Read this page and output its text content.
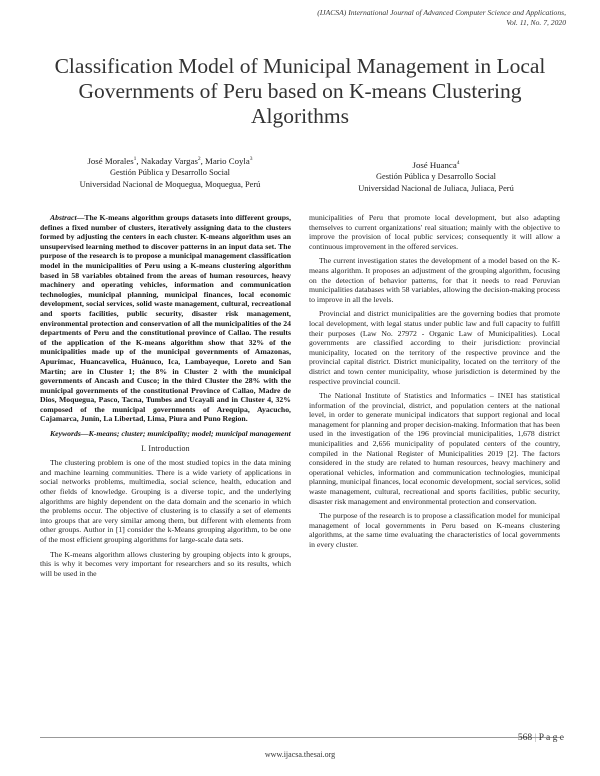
(IJACSA) International Journal of Advanced Computer Science and Applications,
Vol. 11, No. 7, 2020
Classification Model of Municipal Management in Local Governments of Peru based on K-means Clustering Algorithms
José Morales$^1$, Nakaday Vargas$^2$, Mario Coyla$^3$
Gestión Pública y Desarrollo Social
Universidad Nacional de Moquegua, Moquegua, Perú
José Huanca$^4$
Gestión Pública y Desarrollo Social
Universidad Nacional de Juliaca, Juliaca, Perú

Abstract—The K-means algorithm groups datasets into different groups, defines a fixed number of clusters, iteratively assigning data to the clusters formed by adjusting the centers in each cluster. K-means algorithm uses an unsupervised learning method to discover patterns in an input data set. The purpose of the research is to propose a municipal management classification model in the municipalities of Peru using a K-means clustering algorithm based in 58 variables obtained from the areas of human resources, heavy machinery and operating vehicles, information and communication technologies, municipal planning, municipal finances, local economic development, social services, solid waste management, cultural, recreational and sports facilities, public security, disaster risk management, environmental protection and conservation of all the municipalities of the 24 departments of Peru and the constitutional province of Callao. The results of the application of the K-means algorithm show that 32% of the municipalities made up of the municipal governments of Amazonas, Apurímac, Huancavelica, Huánuco, Ica, Lambayeque, Loreto and San Martín; are in Cluster 1; the 8% in Cluster 2 with the municipal governments of Ancash and Cusco; in the third Cluster the 28% with the municipal governments of the constitutional Province of Callao, Madre de Dios, Moquegua, Pasco, Tacna, Tumbes and Ucayali and in Cluster 4, 32% composed of the municipal governments of Arequipa, Ayacucho, Cajamarca, Junín, La Libertad, Lima, Piura and Puno Region.

Keywords—K-means; cluster; municipality; model; municipal management

I. Introduction

The clustering problem is one of the most studied topics in the data mining and machine learning communities. There is a wide variety of applications in social networks problems, multimedia, social science, health, education and other fields of knowledge. Grouping is a diverse topic, and the underlying algorithms are highly dependent on the data domain and the scenario in which the problems occur. The objective of clustering is to classify a set of elements into groups that are very similar among them, but different with elements from other groups. Author in [1] consider the k-Means grouping algorithm, to be one of the most efficient grouping algorithms for large-scale data sets.

The K-means algorithm allows clustering by grouping objects into k groups, this is why it becomes very important for researchers and so its results, which will be used in the

municipalities of Peru that promote local development, but also adapting themselves to current organizations' real situation; mainly with the objective to improve the provision of local public services; consequently it will allow a continuous improvement in the offered services.

The current investigation states the development of a model based on the K-means algorithm. It proposes an adjustment of the grouping algorithm, focusing on the detection of behavior patterns, for that it needs to read Peruvian municipalities databases with 58 variables, allowing the decision-making process to improve in all the levels.

Provincial and district municipalities are the governing bodies that promote local development, with legal status under public law and full capacity to fulfill their purposes (Law No. 27972 - Organic Law of Municipalities). Local governments are classified according to their jurisdiction: provincial municipality, located on the territory of the respective province and the provincial capital district. District municipality, located on the territory of the district and town center municipality, whose jurisdiction is determined by the respective provincial council.

The National Institute of Statistics and Informatics – INEI has statistical information of the provincial, district, and population centers at the national level, in order to generate municipal indicators that support regional and local management for planning and proper decision-making. Information that has been used in the investigation of the 196 provincial municipalities, 1,678 district municipalities and 2,656 municipality of populated centers of the country, compiled in the National Register of Municipalities 2019 [2]. The factors considered in the study are related to human resources, heavy machinery and operational vehicles, information and communication technologies, municipal planning, municipal finances, local economic development, social services, solid waste management, cultural, recreational and sports facilities, public security, disaster risk management and environmental protection and conservation.

The purpose of the research is to propose a classification model for municipal management of local governments in Peru based on K-means clustering algorithms, at the same time evaluating the characteristics of local governments in every cluster.

568 | P a g e
www.ijacsa.thesai.org
